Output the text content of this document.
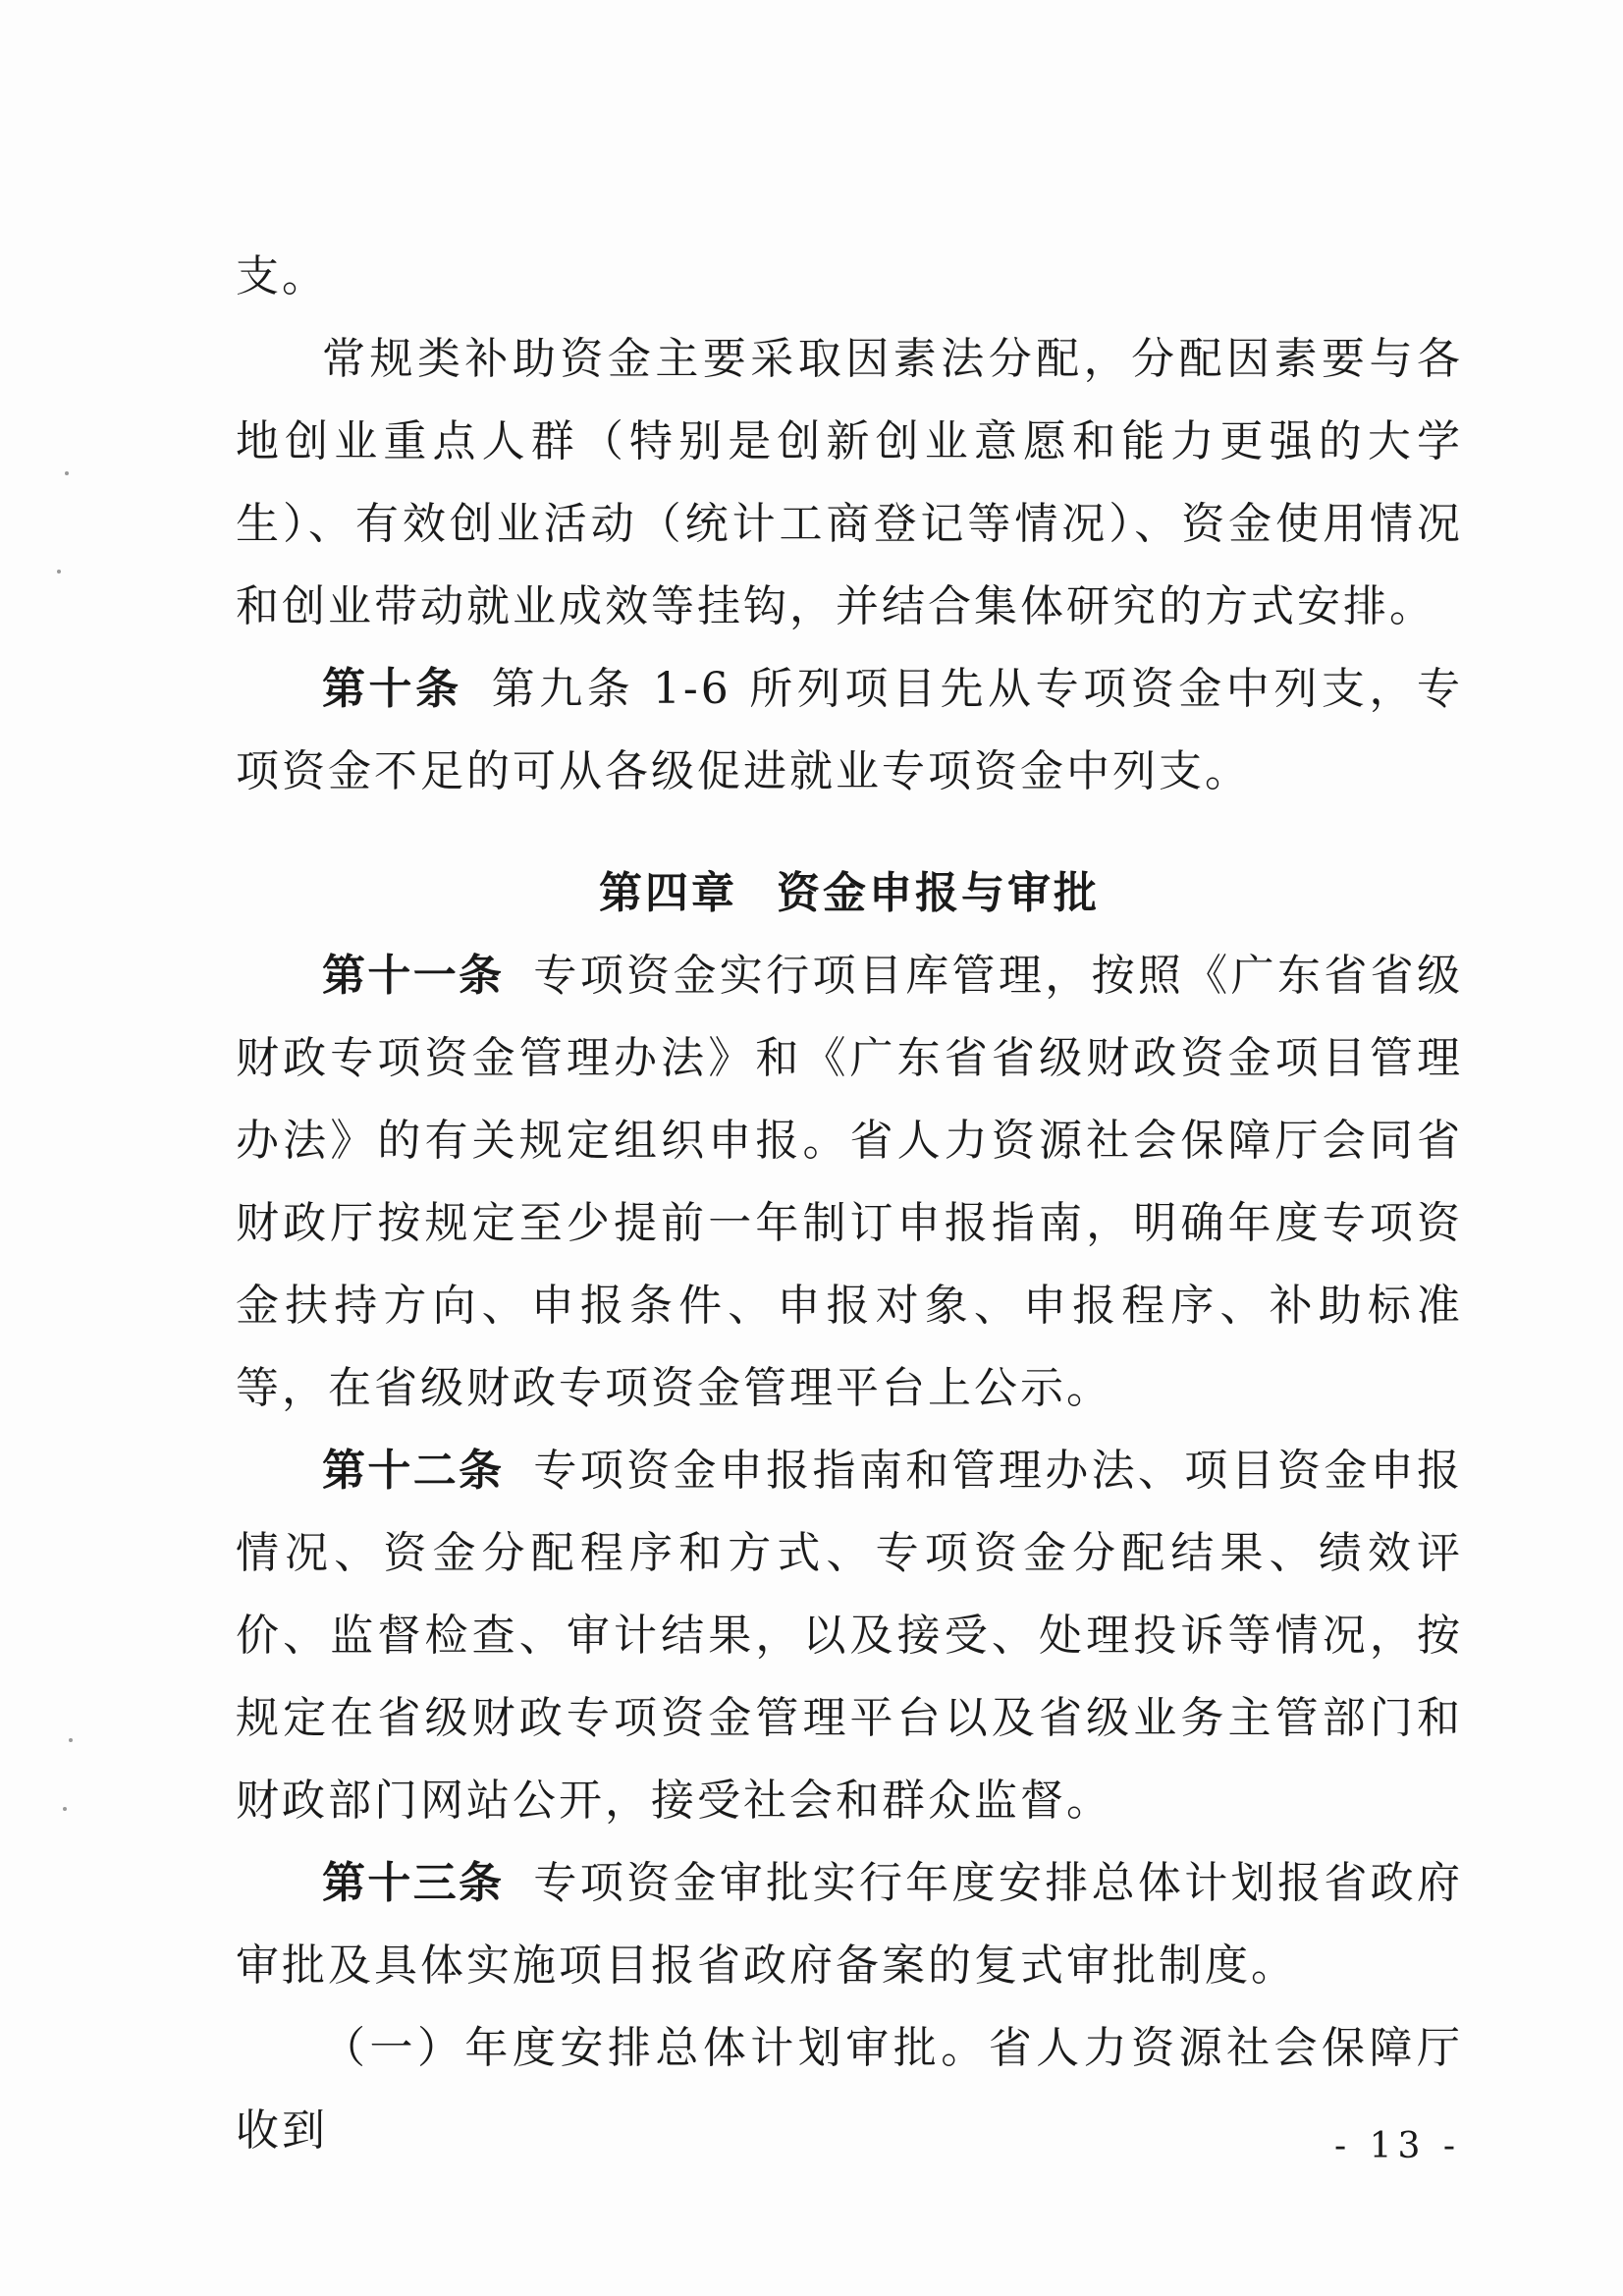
支。

常规类补助资金主要采取因素法分配，分配因素要与各地创业重点人群（特别是创新创业意愿和能力更强的大学生）、有效创业活动（统计工商登记等情况）、资金使用情况和创业带动就业成效等挂钩，并结合集体研究的方式安排。

第十条 第九条 1-6 所列项目先从专项资金中列支，专项资金不足的可从各级促进就业专项资金中列支。

第四章 资金申报与审批

第十一条 专项资金实行项目库管理，按照《广东省省级财政专项资金管理办法》和《广东省省级财政资金项目管理办法》的有关规定组织申报。省人力资源社会保障厅会同省财政厅按规定至少提前一年制订申报指南，明确年度专项资金扶持方向、申报条件、申报对象、申报程序、补助标准等，在省级财政专项资金管理平台上公示。

第十二条 专项资金申报指南和管理办法、项目资金申报情况、资金分配程序和方式、专项资金分配结果、绩效评价、监督检查、审计结果，以及接受、处理投诉等情况，按规定在省级财政专项资金管理平台以及省级业务主管部门和财政部门网站公开，接受社会和群众监督。

第十三条 专项资金审批实行年度安排总体计划报省政府审批及具体实施项目报省政府备案的复式审批制度。

（一）年度安排总体计划审批。省人力资源社会保障厅收到	- 13 -
